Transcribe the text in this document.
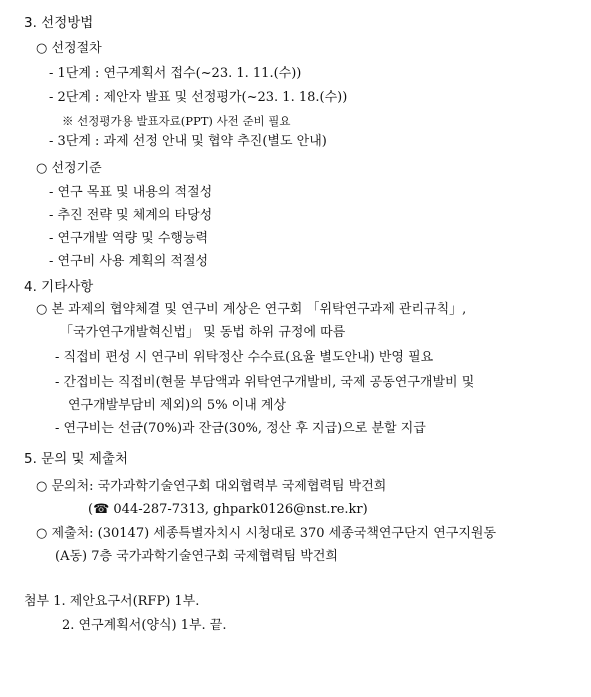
3. 선정방법
○ 선정절차
- 1단계 : 연구계획서 접수(~23. 1. 11.(수))
- 2단계 : 제안자 발표 및 선정평가(~23. 1. 18.(수))
※ 선정평가용 발표자료(PPT) 사전 준비 필요
- 3단계 : 과제 선정 안내 및 협약 추진(별도 안내)
○ 선정기준
- 연구 목표 및 내용의 적절성
- 추진 전략 및 체계의 타당성
- 연구개발 역량 및 수행능력
- 연구비 사용 계획의 적절성
4. 기타사항
○ 본 과제의 협약체결 및 연구비 계상은 연구회 「위탁연구과제 관리규칙」,
「국가연구개발혁신법」 및 동법 하위 규정에 따름
- 직접비 편성 시 연구비 위탁정산 수수료(요율 별도안내) 반영 필요
- 간접비는 직접비(현물 부담액과 위탁연구개발비, 국제 공동연구개발비 및
연구개발부담비 제외)의 5% 이내 계상
- 연구비는 선금(70%)과 잔금(30%, 정산 후 지급)으로 분할 지급
5. 문의 및 제출처
○ 문의처: 국가과학기술연구회 대외협력부 국제협력팀 박건희
(☎ 044-287-7313, ghpark0126@nst.re.kr)
○ 제출처: (30147) 세종특별자치시 시청대로 370 세종국책연구단지 연구지원동
(A동) 7층 국가과학기술연구회 국제협력팀 박건희
첨부 1. 제안요구서(RFP) 1부.
2. 연구계획서(양식) 1부. 끝.
